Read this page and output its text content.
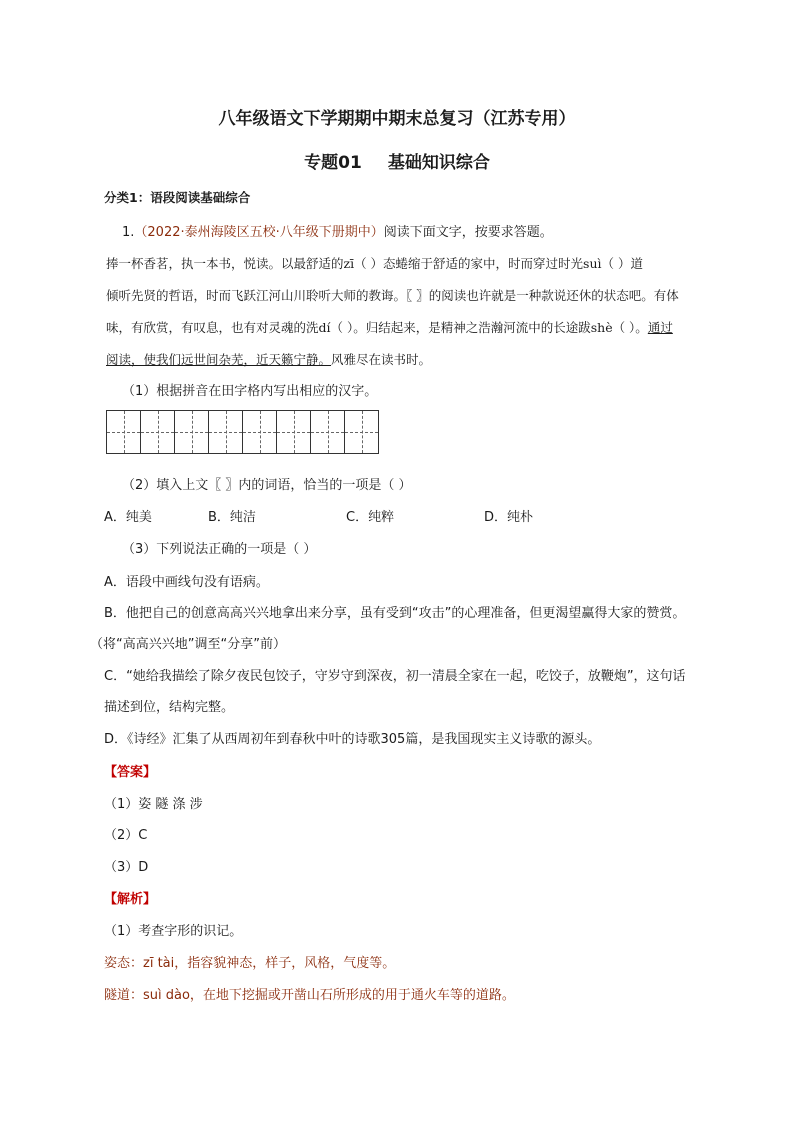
八年级语文下学期期中期末总复习（江苏专用）
专题01 基础知识综合
分类1：语段阅读基础综合
1.（2022·泰州海陵区五校·八年级下册期中）阅读下面文字，按要求答题。
捧一杯香茗，执一本书，悦读。以最舒适的zī（ ）态蜷缩于舒适的家中，时而穿过时光suì（ ）道
倾听先贤的哲语，时而飞跃江河山川聆听大师的教诲。〖 〗的阅读也许就是一种款说还休的状态吧。有体
味，有欣赏，有叹息，也有对灵魂的洗dí（ ）。归结起来，是精神之浩瀚河流中的长途跋shè（ ）。通过
阅读，使我们远世间杂芜，近天籁宁静。风雅尽在读书时。
（1）根据拼音在田字格内写出相应的汉字。
（2）填入上文〖 〗内的词语，恰当的一项是（ ）
A．纯美	B．纯洁	C．纯粹	D．纯朴
（3）下列说法正确的一项是（ ）
A．语段中画线句没有语病。
B．他把自己的创意高高兴兴地拿出来分享，虽有受到“攻击”的心理准备，但更渴望赢得大家的赞赏。
（将“高高兴兴地”调至“分享”前）
C．“她给我描绘了除夕夜民包饺子，守岁守到深夜，初一清晨全家在一起，吃饺子，放鞭炮”，这句话
描述到位，结构完整。
D．《诗经》汇集了从西周初年到春秋中叶的诗歌305篇，是我国现实主义诗歌的源头。
【答案】
（1）姿 隧 涤 涉
（2）C
（3）D
【解析】
（1）考查字形的识记。
姿态：zī tài，指容貌神态，样子，风格，气度等。
隧道：suì dào，在地下挖掘或开凿山石所形成的用于通火车等的道路。
